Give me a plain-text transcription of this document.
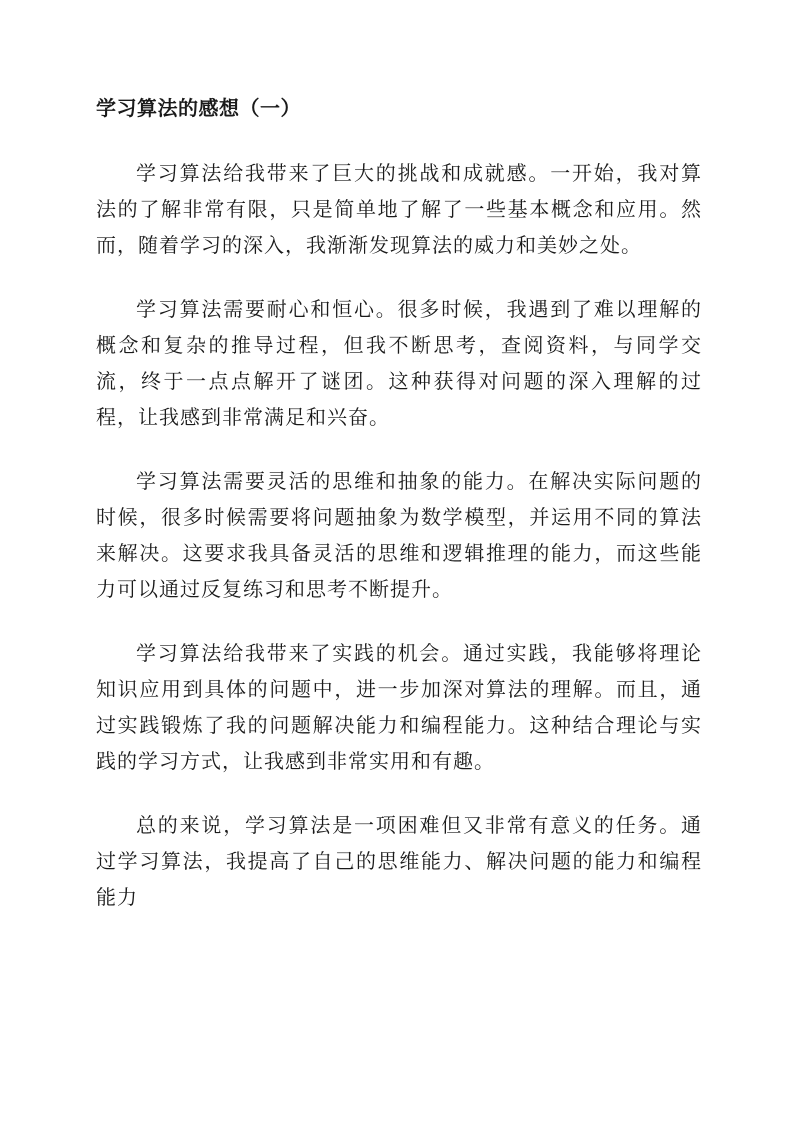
学习算法的感想（一）

学习算法给我带来了巨大的挑战和成就感。一开始，我对算法的了解非常有限，只是简单地了解了一些基本概念和应用。然而，随着学习的深入，我渐渐发现算法的威力和美妙之处。

学习算法需要耐心和恒心。很多时候，我遇到了难以理解的概念和复杂的推导过程，但我不断思考，查阅资料，与同学交流，终于一点点解开了谜团。这种获得对问题的深入理解的过程，让我感到非常满足和兴奋。

学习算法需要灵活的思维和抽象的能力。在解决实际问题的时候，很多时候需要将问题抽象为数学模型，并运用不同的算法来解决。这要求我具备灵活的思维和逻辑推理的能力，而这些能力可以通过反复练习和思考不断提升。

学习算法给我带来了实践的机会。通过实践，我能够将理论知识应用到具体的问题中，进一步加深对算法的理解。而且，通过实践锻炼了我的问题解决能力和编程能力。这种结合理论与实践的学习方式，让我感到非常实用和有趣。

总的来说，学习算法是一项困难但又非常有意义的任务。通过学习算法，我提高了自己的思维能力、解决问题的能力和编程能力
